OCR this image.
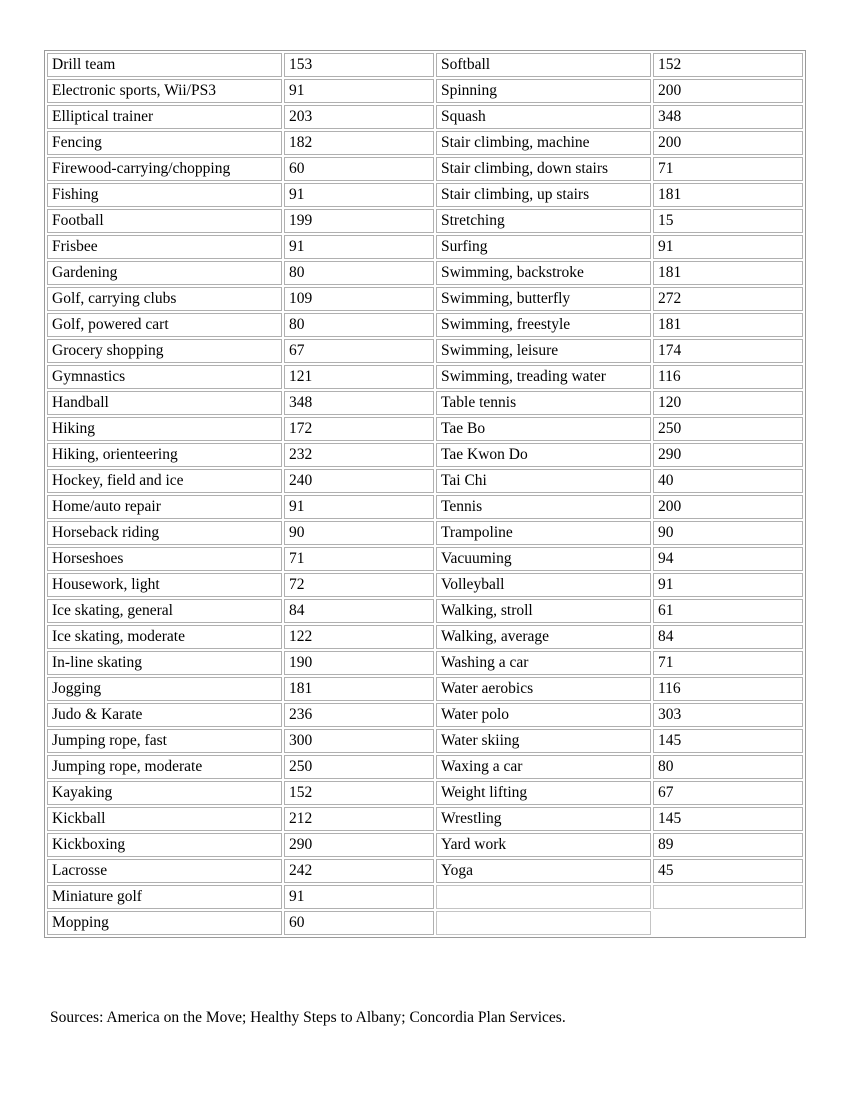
Drill team	153	Softball	152
Electronic sports, Wii/PS3	91	Spinning	200
Elliptical trainer	203	Squash	348
Fencing	182	Stair climbing, machine	200
Firewood-carrying/chopping	60	Stair climbing, down stairs	71
Fishing	91	Stair climbing, up stairs	181
Football	199	Stretching	15
Frisbee	91	Surfing	91
Gardening	80	Swimming, backstroke	181
Golf, carrying clubs	109	Swimming, butterfly	272
Golf, powered cart	80	Swimming, freestyle	181
Grocery shopping	67	Swimming, leisure	174
Gymnastics	121	Swimming, treading water	116
Handball	348	Table tennis	120
Hiking	172	Tae Bo	250
Hiking, orienteering	232	Tae Kwon Do	290
Hockey, field and ice	240	Tai Chi	40
Home/auto repair	91	Tennis	200
Horseback riding	90	Trampoline	90
Horseshoes	71	Vacuuming	94
Housework, light	72	Volleyball	91
Ice skating, general	84	Walking, stroll	61
Ice skating, moderate	122	Walking, average	84
In-line skating	190	Washing a car	71
Jogging	181	Water aerobics	116
Judo & Karate	236	Water polo	303
Jumping rope, fast	300	Water skiing	145
Jumping rope, moderate	250	Waxing a car	80
Kayaking	152	Weight lifting	67
Kickball	212	Wrestling	145
Kickboxing	290	Yard work	89
Lacrosse	242	Yoga	45
Miniature golf	91		
Mopping	60		
Sources: America on the Move; Healthy Steps to Albany; Concordia Plan Services.
